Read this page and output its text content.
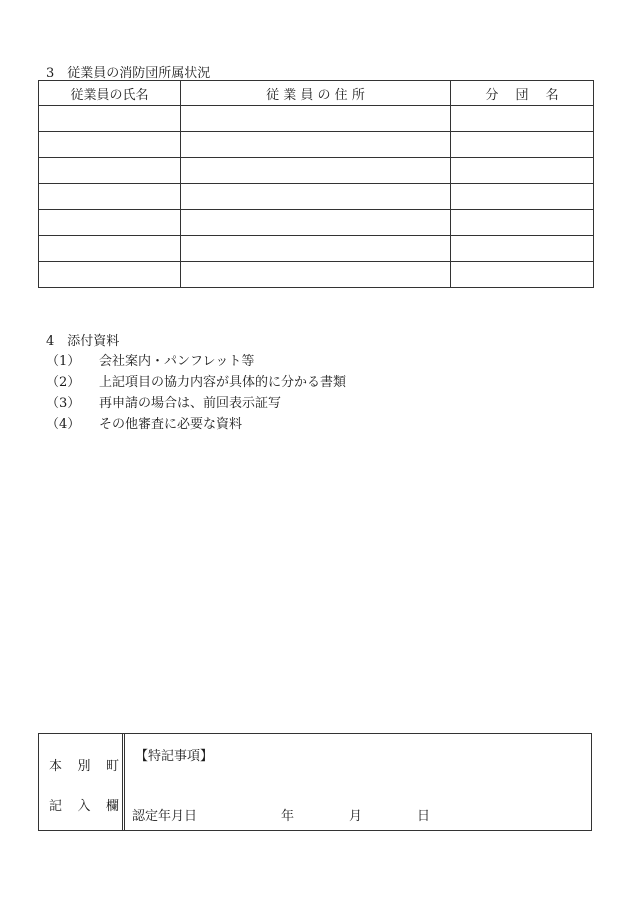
3　従業員の消防団所属状況
従業員の氏名	従 業 員 の 住 所	分　 団　 名

4　添付資料
（1） 会社案内・パンフレット等
（2） 上記項目の協力内容が具体的に分かる書類
（3） 再申請の場合は、前回表示証写
（4） その他審査に必要な資料
本 別 町
記 入 欄
【特記事項】
認定年月日	年	月	日
